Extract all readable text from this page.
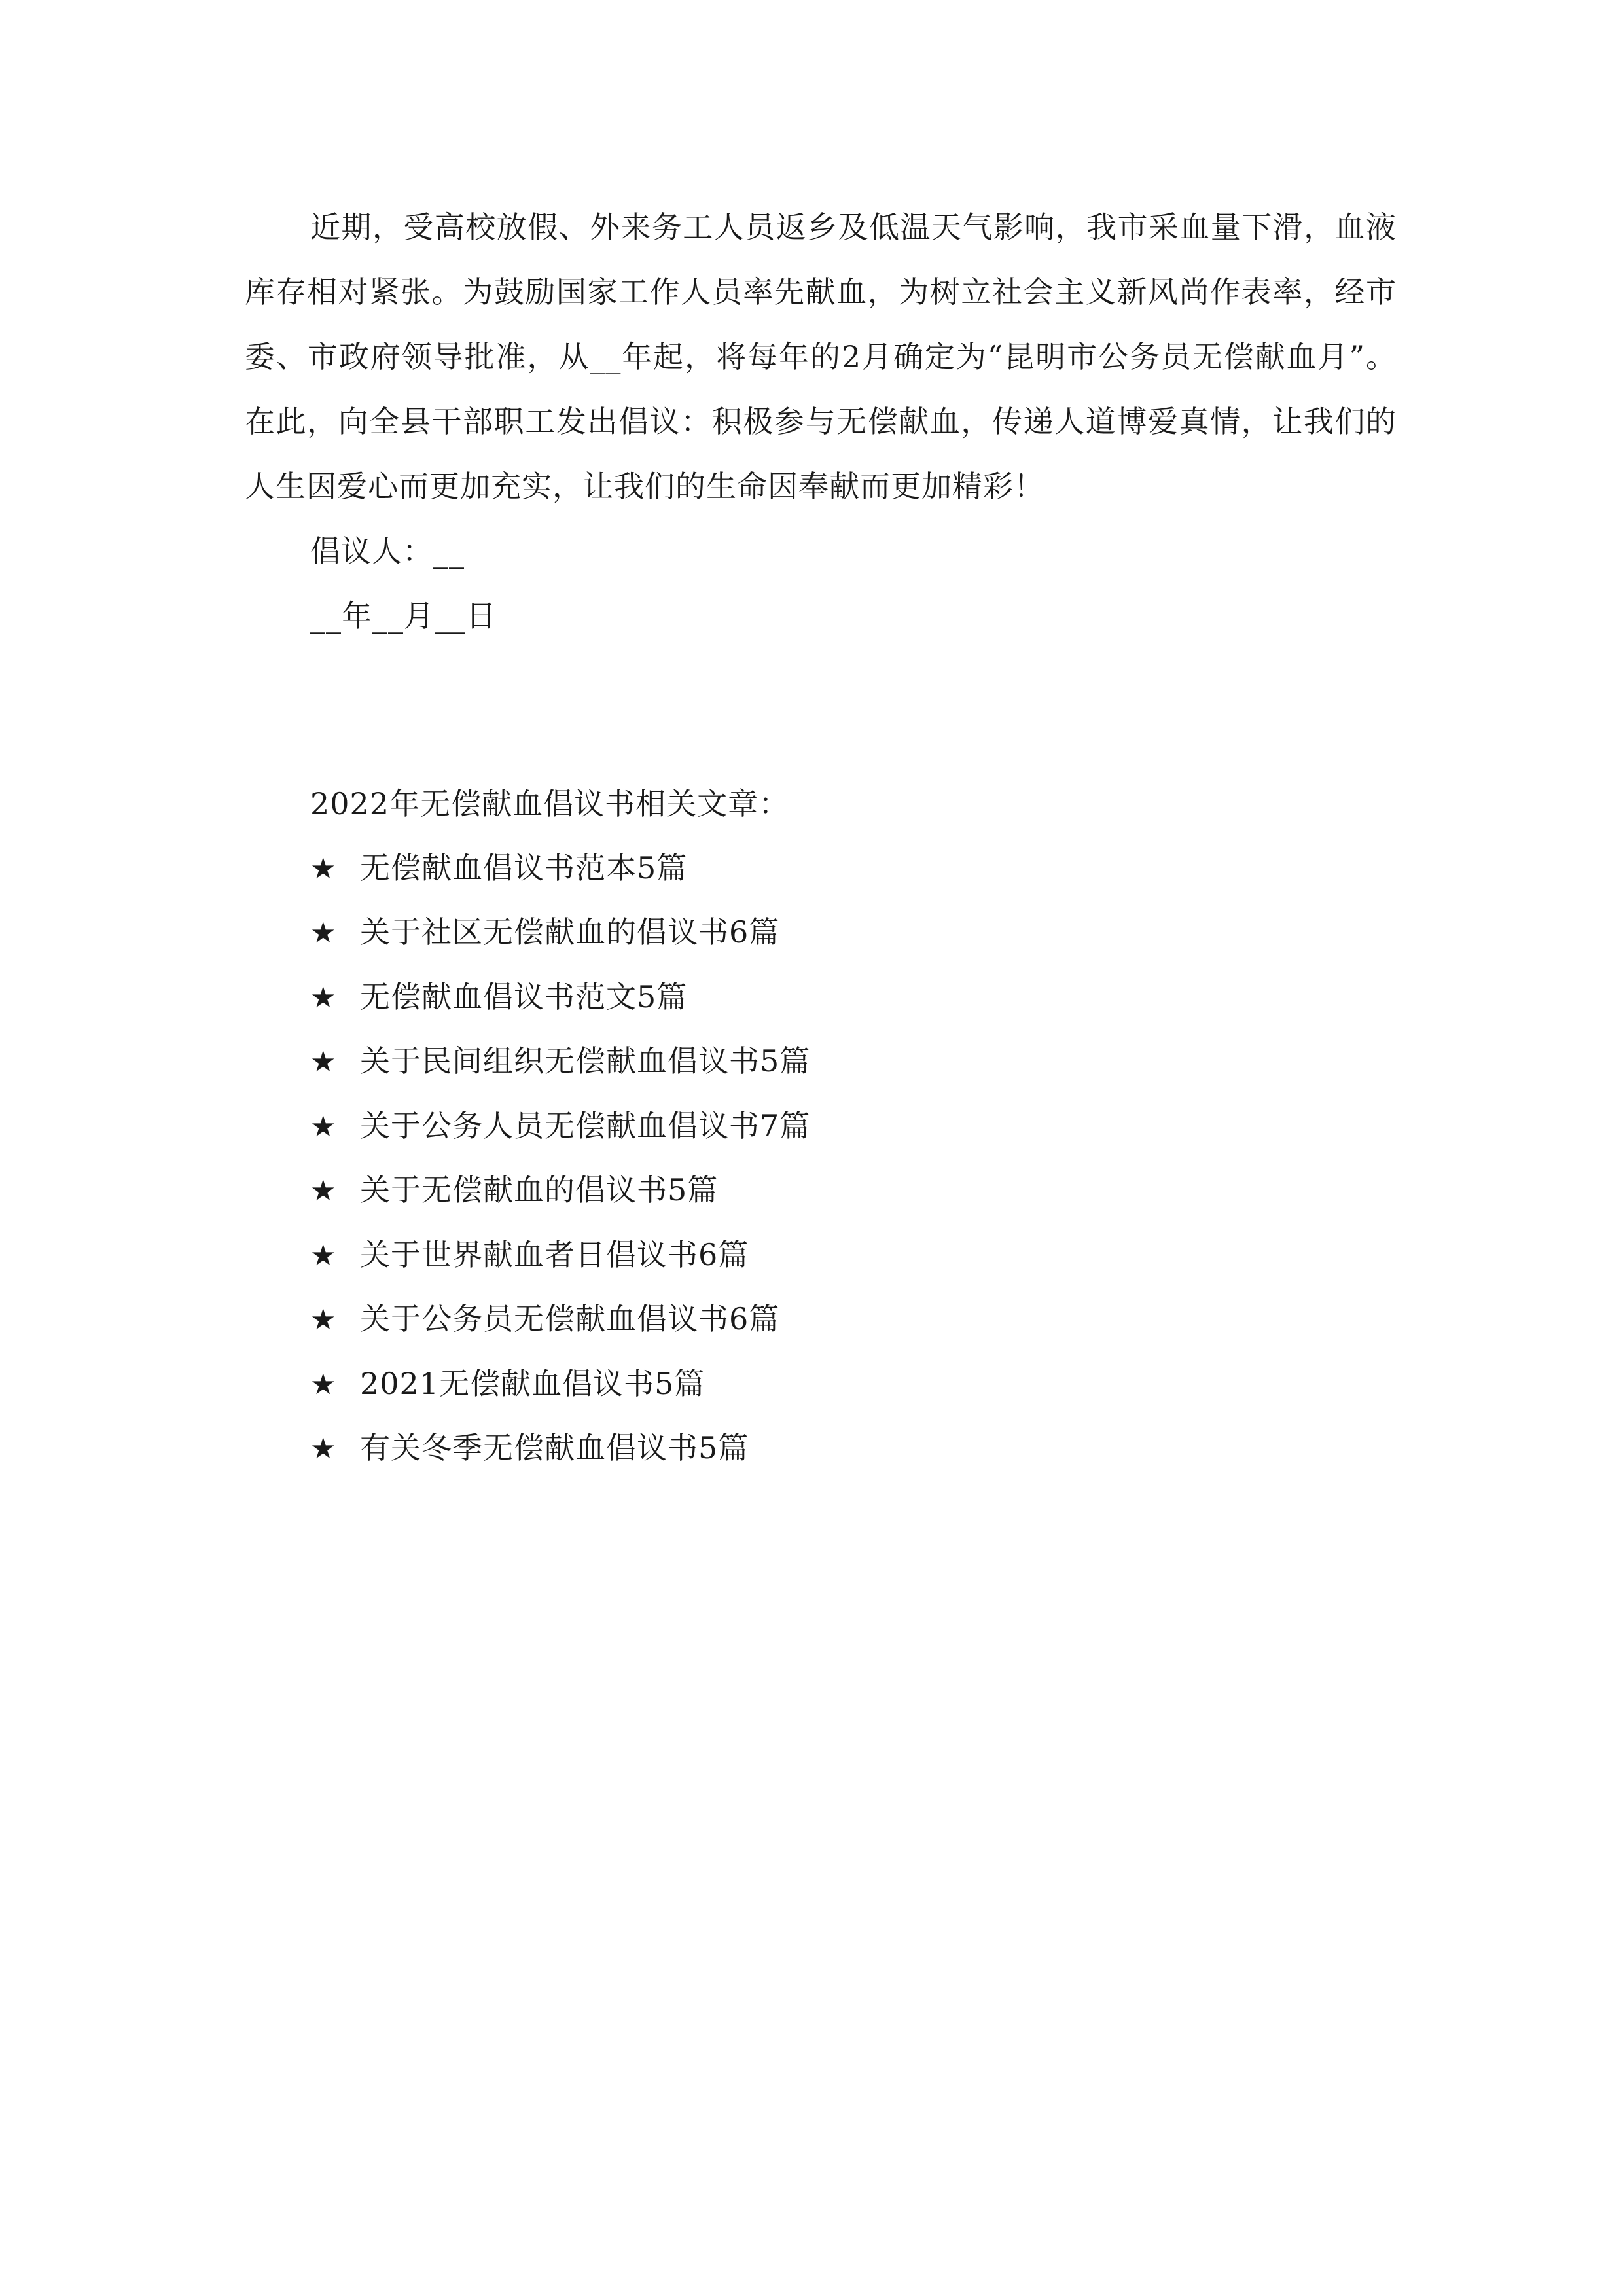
近期，受高校放假、外来务工人员返乡及低温天气影响，我市采血量下滑，血液库存相对紧张。为鼓励国家工作人员率先献血，为树立社会主义新风尚作表率，经市委、市政府领导批准，从__年起，将每年的2月确定为“昆明市公务员无偿献血月”。在此，向全县干部职工发出倡议：积极参与无偿献血，传递人道博爱真情，让我们的人生因爱心而更加充实，让我们的生命因奉献而更加精彩！

倡议人：__

__年__月__日

2022年无偿献血倡议书相关文章：

★ 无偿献血倡议书范本5篇
★ 关于社区无偿献血的倡议书6篇
★ 无偿献血倡议书范文5篇
★ 关于民间组织无偿献血倡议书5篇
★ 关于公务人员无偿献血倡议书7篇
★ 关于无偿献血的倡议书5篇
★ 关于世界献血者日倡议书6篇
★ 关于公务员无偿献血倡议书6篇
★ 2021无偿献血倡议书5篇
★ 有关冬季无偿献血倡议书5篇
